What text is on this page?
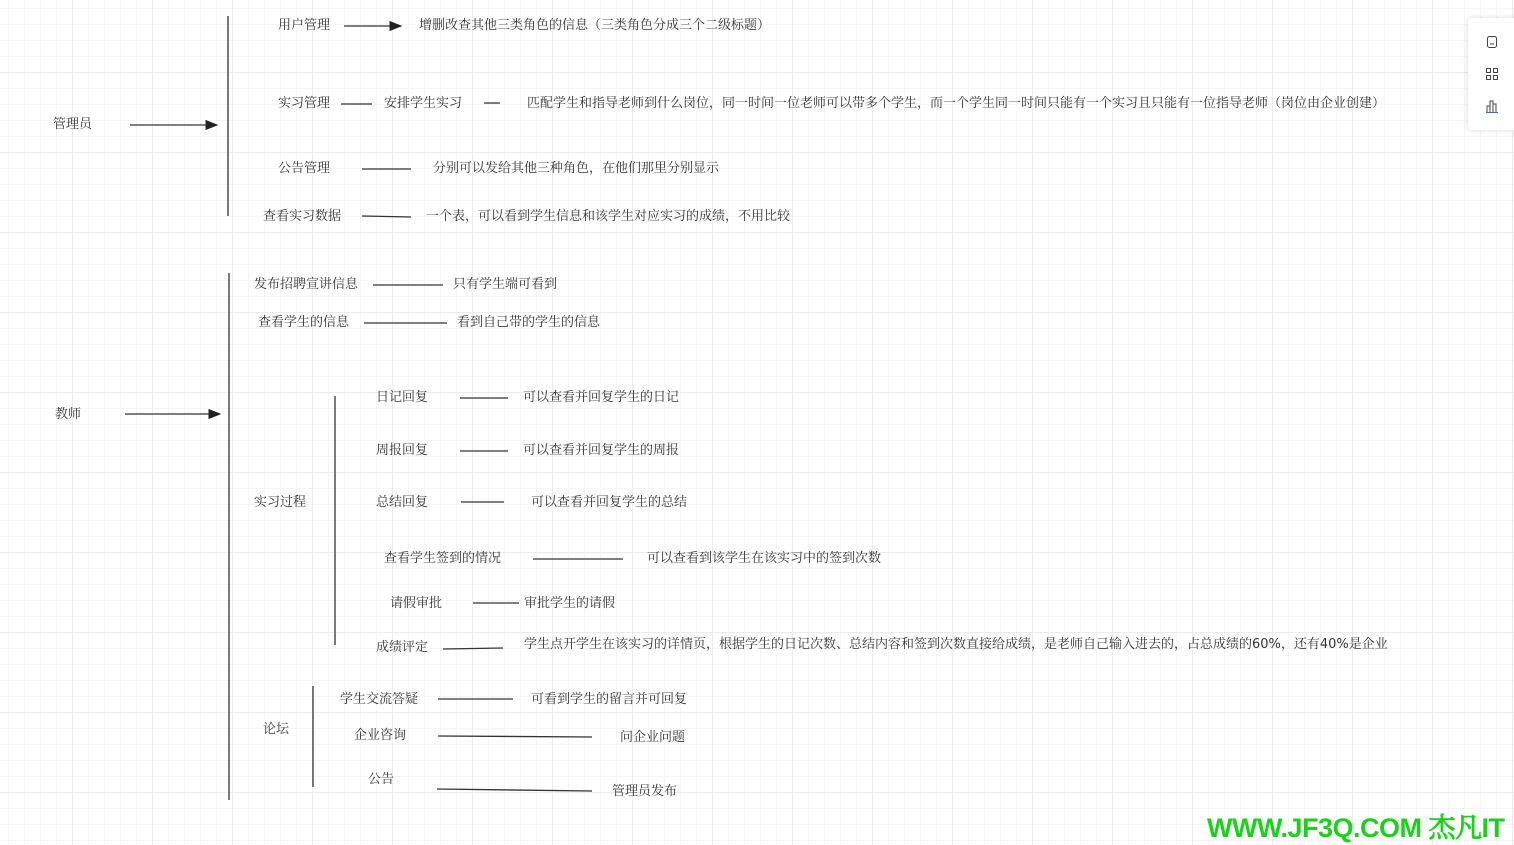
管理员
用户管理	增删改查其他三类角色的信息（三类角色分成三个二级标题）
实习管理	安排学生实习	匹配学生和指导老师到什么岗位，同一时间一位老师可以带多个学生，而一个学生同一时间只能有一个实习且只能有一位指导老师（岗位由企业创建）
公告管理	分别可以发给其他三种角色，在他们那里分别显示
查看实习数据	一个表，可以看到学生信息和该学生对应实习的成绩，不用比较
教师
发布招聘宣讲信息	只有学生端可看到
查看学生的信息	看到自己带的学生的信息
实习过程
日记回复	可以查看并回复学生的日记
周报回复	可以查看并回复学生的周报
总结回复	可以查看并回复学生的总结
查看学生签到的情况	可以查看到该学生在该实习中的签到次数
请假审批	审批学生的请假
成绩评定	学生点开学生在该实习的详情页，根据学生的日记次数、总结内容和签到次数直接给成绩，是老师自己输入进去的，占总成绩的60%，还有40%是企业
论坛
学生交流答疑	可看到学生的留言并可回复
企业咨询	问企业问题
公告
管理员发布
WWW.JF3Q.COM 杰凡IT
